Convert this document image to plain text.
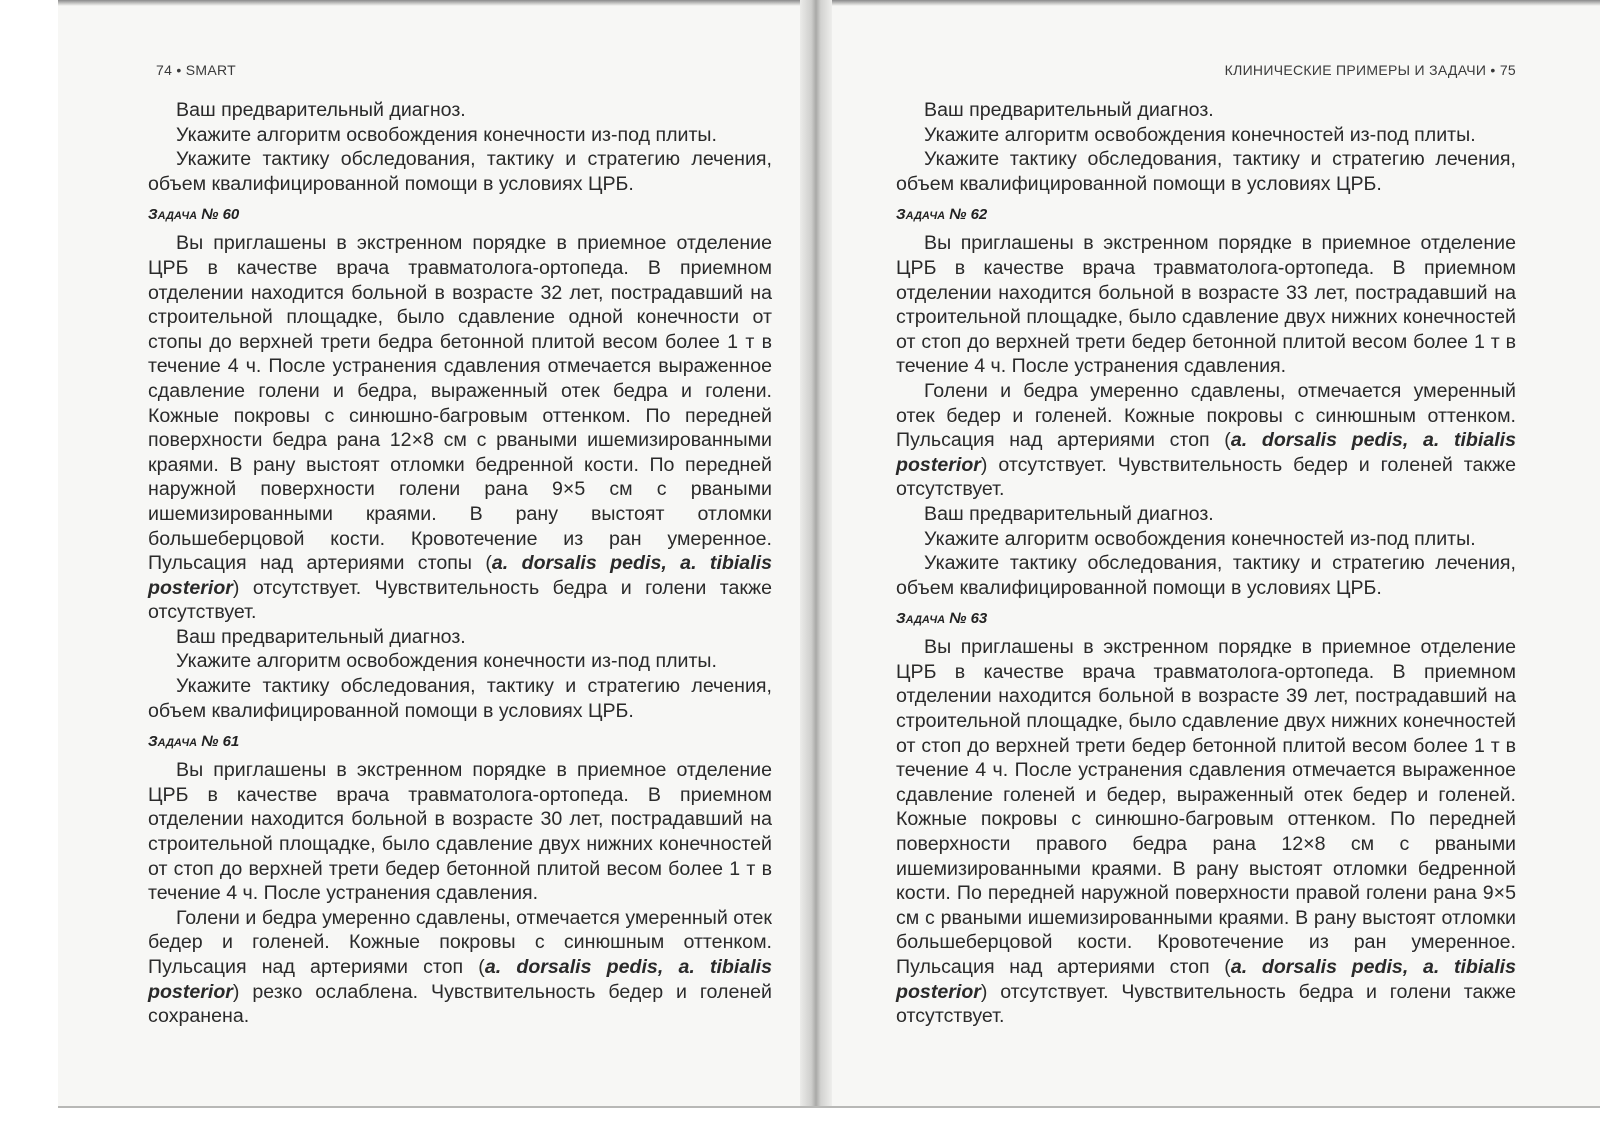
74 • SMART

Ваш предварительный диагноз.

Укажите алгоритм освобождения конечности из-под плиты.

Укажите тактику обследования, тактику и стратегию лечения, объем квалифицированной помощи в условиях ЦРБ.

Задача № 60

Вы приглашены в экстренном порядке в приемное отделение ЦРБ в качестве врача травматолога-ортопеда. В приемном отделении находится больной в возрасте 32 лет, пострадавший на строительной площадке, было сдавление одной конечности от стопы до верхней трети бедра бетонной плитой весом более 1 т в течение 4 ч. После устранения сдавления отмечается выраженное сдавление голени и бедра, выраженный отек бедра и голени. Кожные покровы с синюшно-багровым оттенком. По передней поверхности бедра рана 12×8 см с рваными ишемизированными краями. В рану выстоят отломки бедренной кости. По передней наружной поверхности голени рана 9×5 см с рваными ишемизированными краями. В рану выстоят отломки большеберцовой кости. Кровотечение из ран умеренное. Пульсация над артериями стопы (a. dorsalis pedis, a. tibialis posterior) отсутствует. Чувствительность бедра и голени также отсутствует.

Ваш предварительный диагноз.

Укажите алгоритм освобождения конечности из-под плиты.

Укажите тактику обследования, тактику и стратегию лечения, объем квалифицированной помощи в условиях ЦРБ.

Задача № 61

Вы приглашены в экстренном порядке в приемное отделение ЦРБ в качестве врача травматолога-ортопеда. В приемном отделении находится больной в возрасте 30 лет, пострадавший на строительной площадке, было сдавление двух нижних конечностей от стоп до верхней трети бедер бетонной плитой весом более 1 т в течение 4 ч. После устранения сдавления.

Голени и бедра умеренно сдавлены, отмечается умеренный отек бедер и голеней. Кожные покровы с синюшным оттенком. Пульсация над артериями стоп (a. dorsalis pedis, a. tibialis posterior) резко ослаблена. Чувствительность бедер и голеней сохранена.

КЛИНИЧЕСКИЕ ПРИМЕРЫ И ЗАДАЧИ • 75

Ваш предварительный диагноз.

Укажите алгоритм освобождения конечностей из-под плиты.

Укажите тактику обследования, тактику и стратегию лечения, объем квалифицированной помощи в условиях ЦРБ.

Задача № 62

Вы приглашены в экстренном порядке в приемное отделение ЦРБ в качестве врача травматолога-ортопеда. В приемном отделении находится больной в возрасте 33 лет, пострадавший на строительной площадке, было сдавление двух нижних конечностей от стоп до верхней трети бедер бетонной плитой весом более 1 т в течение 4 ч. После устранения сдавления.

Голени и бедра умеренно сдавлены, отмечается умеренный отек бедер и голеней. Кожные покровы с синюшным оттенком. Пульсация над артериями стоп (a. dorsalis pedis, a. tibialis posterior) отсутствует. Чувствительность бедер и голеней также отсутствует.

Ваш предварительный диагноз.

Укажите алгоритм освобождения конечностей из-под плиты.

Укажите тактику обследования, тактику и стратегию лечения, объем квалифицированной помощи в условиях ЦРБ.

Задача № 63

Вы приглашены в экстренном порядке в приемное отделение ЦРБ в качестве врача травматолога-ортопеда. В приемном отделении находится больной в возрасте 39 лет, пострадавший на строительной площадке, было сдавление двух нижних конечностей от стоп до верхней трети бедер бетонной плитой весом более 1 т в течение 4 ч. После устранения сдавления отмечается выраженное сдавление голеней и бедер, выраженный отек бедер и голеней. Кожные покровы с синюшно-багровым оттенком. По передней поверхности правого бедра рана 12×8 см с рваными ишемизированными краями. В рану выстоят отломки бедренной кости. По передней наружной поверхности правой голени рана 9×5 см с рваными ишемизированными краями. В рану выстоят отломки большеберцовой кости. Кровотечение из ран умеренное. Пульсация над артериями стоп (a. dorsalis pedis, a. tibialis posterior) отсутствует. Чувствительность бедра и голени также отсутствует.
